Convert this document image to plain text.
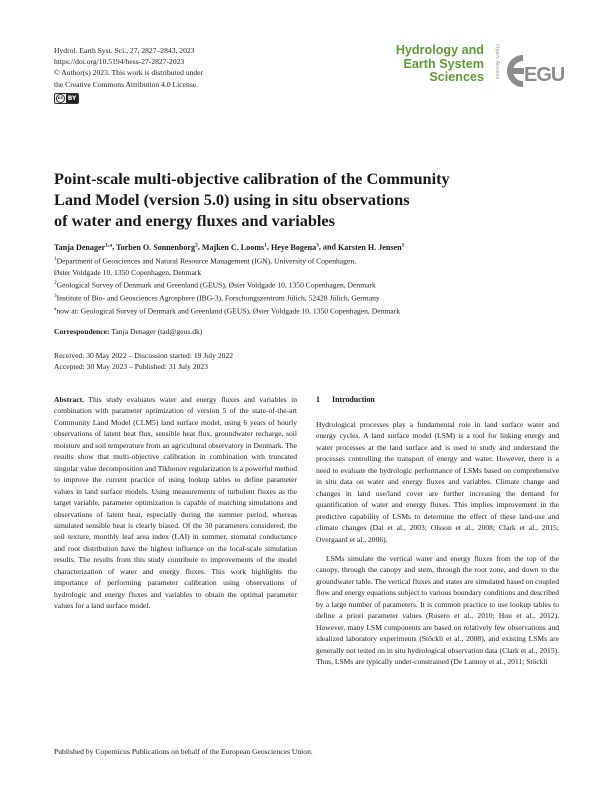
Hydrol. Earth Syst. Sci., 27, 2827–2843, 2023
https://doi.org/10.5194/hess-27-2827-2023
© Author(s) 2023. This work is distributed under
the Creative Commons Attribution 4.0 License.
cc BY
Hydrology and
Earth System
Sciences	Open Access EGU
Point-scale multi-objective calibration of the Community
Land Model (version 5.0) using in situ observations
of water and energy fluxes and variables
Tanja Denager$^{1,a}$, Torben O. Sonnenborg$^2$, Majken C. Looms$^1$, Heye Bogena$^3$, and Karsten H. Jensen$^1$
$^1$Department of Geosciences and Natural Resource Management (IGN), University of Copenhagen,
Øster Voldgade 10, 1350 Copenhagen, Denmark
$^2$Geological Survey of Denmark and Greenland (GEUS), Øster Voldgade 10, 1350 Copenhagen, Denmark
$^3$Institute of Bio- and Geosciences Agrosphere (IBG-3), Forschungszentrum Jülich, 52428 Jülich, Germany
$^a$now at: Geological Survey of Denmark and Greenland (GEUS), Øster Voldgade 10, 1350 Copenhagen, Denmark
Correspondence: Tanja Denager (tad@geus.dk)
Received: 30 May 2022 – Discussion started: 19 July 2022
Accepted: 30 May 2023 – Published: 31 July 2023
Abstract. This study evaluates water and energy fluxes and variables in combination with parameter optimization of version 5 of the state-of-the-art Community Land Model (CLM5) land surface model, using 6 years of hourly observations of latent heat flux, sensible heat flux, groundwater recharge, soil moisture and soil temperature from an agricultural observatory in Denmark. The results show that multi-objective calibration in combination with truncated singular value decomposition and Tikhonov regularization is a powerful method to improve the current practice of using lookup tables to define parameter values in land surface models. Using measurements of turbulent fluxes as the target variable, parameter optimization is capable of matching simulations and observations of latent heat, especially during the summer period, whereas simulated sensible heat is clearly biased. Of the 30 parameters considered, the soil texture, monthly leaf area index (LAI) in summer, stomatal conductance and root distribution have the highest influence on the local-scale simulation results. The results from this study contribute to improvements of the model characterization of water and energy fluxes. This work highlights the importance of performing parameter calibration using observations of hydrologic and energy fluxes and variables to obtain the optimal parameter values for a land surface model.
1 Introduction

Hydrological processes play a fundamental role in land surface water and energy cycles. A land surface model (LSM) is a tool for linking energy and water processes at the land surface and is used to study and understand the processes controlling the transport of energy and water. However, there is a need to evaluate the hydrologic performance of LSMs based on comprehensive in situ data on water and energy fluxes and variables. Climate change and changes in land use/land cover are further increasing the demand for quantification of water and energy fluxes. This implies improvement in the predictive capability of LSMs to determine the effect of these land-use and climate changes (Dai et al., 2003; Olsson et al., 2008; Clark et al., 2015; Overgaard et al., 2006).

LSMs simulate the vertical water and energy fluxes from the top of the canopy, through the canopy and stem, through the root zone, and down to the groundwater table. The vertical fluxes and states are simulated based on coupled flow and energy equations subject to various boundary conditions and described by a large number of parameters. It is common practice to use lookup tables to define a priori parameter values (Rosero et al., 2010; Hou et al., 2012). However, many LSM components are based on relatively few observations and idealized laboratory experiments (Stöckli et al., 2008), and existing LSMs are generally not tested on in situ hydrological observation data (Clark et al., 2015). Thus, LSMs are typically under-constrained (De Lannoy et al., 2011; Stöckli

Published by Copernicus Publications on behalf of the European Geosciences Union.
